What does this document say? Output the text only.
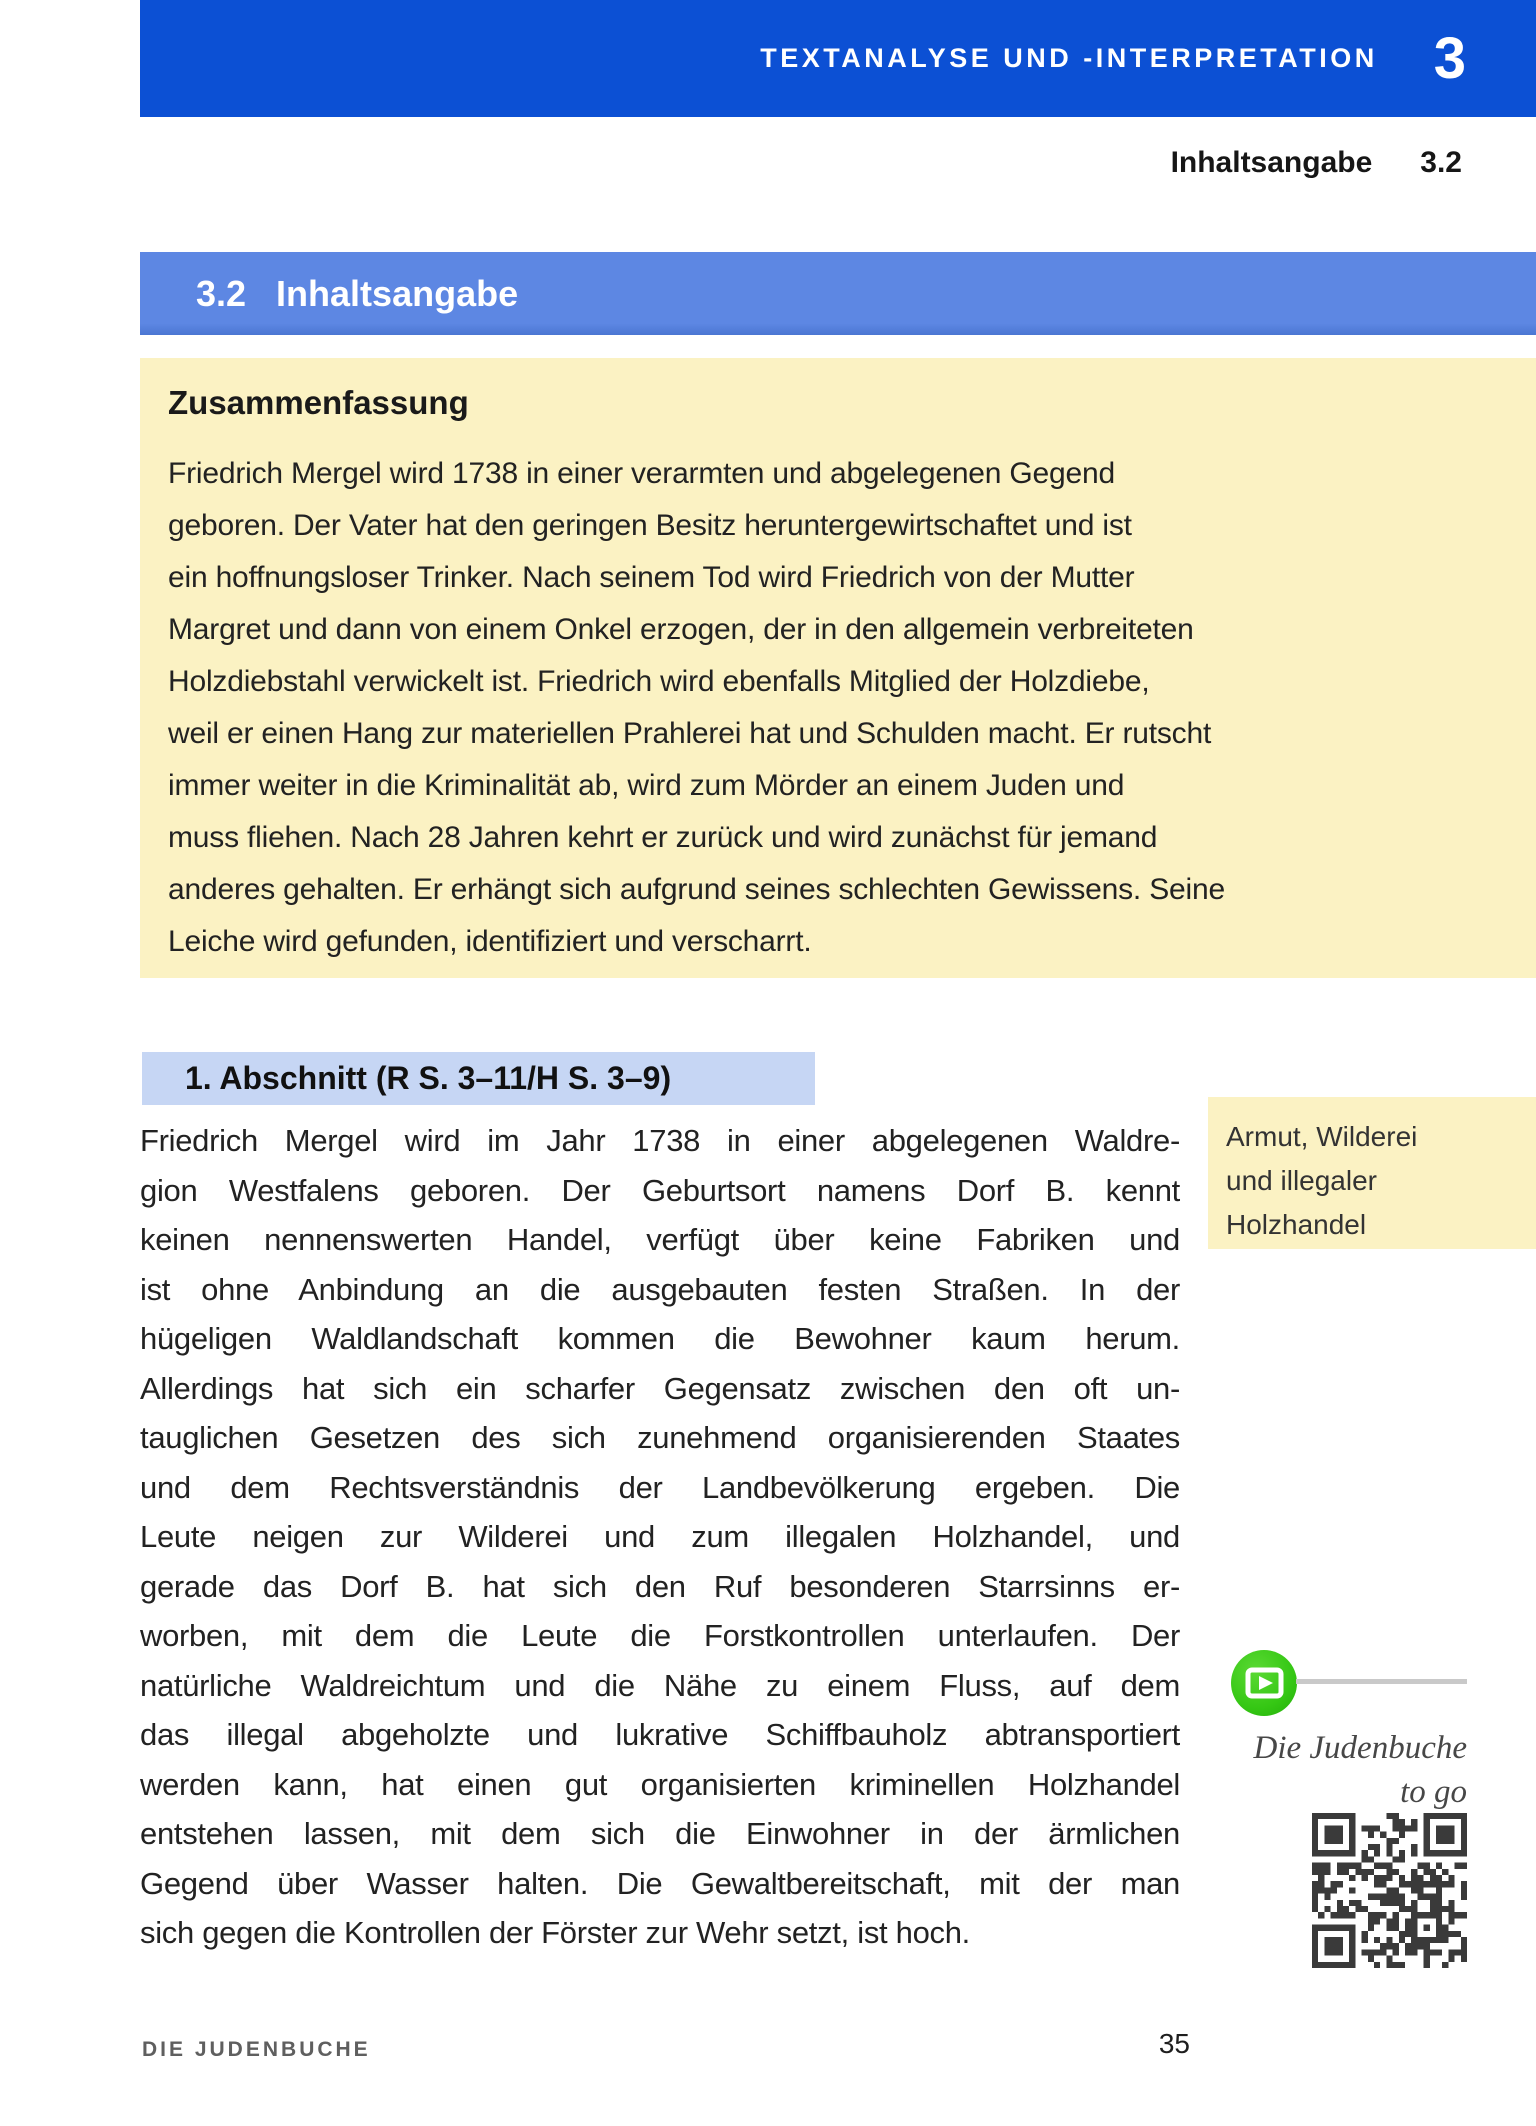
TEXTANALYSE UND -INTERPRETATION 3
Inhaltsangabe 3.2
3.2 Inhaltsangabe

Zusammenfassung

Friedrich Mergel wird 1738 in einer verarmten und abgelegenen Gegend
geboren. Der Vater hat den geringen Besitz heruntergewirtschaftet und ist
ein hoffnungsloser Trinker. Nach seinem Tod wird Friedrich von der Mutter
Margret und dann von einem Onkel erzogen, der in den allgemein verbreiteten
Holzdiebstahl verwickelt ist. Friedrich wird ebenfalls Mitglied der Holzdiebe,
weil er einen Hang zur materiellen Prahlerei hat und Schulden macht. Er rutscht
immer weiter in die Kriminalität ab, wird zum Mörder an einem Juden und
muss fliehen. Nach 28 Jahren kehrt er zurück und wird zunächst für jemand
anderes gehalten. Er erhängt sich aufgrund seines schlechten Gewissens. Seine
Leiche wird gefunden, identifiziert und verscharrt.
1. Abschnitt (R S. 3–11/H S. 3–9)
Friedrich Mergel wird im Jahr 1738 in einer abgelegenen Waldre-
gion Westfalens geboren. Der Geburtsort namens Dorf B. kennt
keinen nennenswerten Handel, verfügt über keine Fabriken und
ist ohne Anbindung an die ausgebauten festen Straßen. In der
hügeligen Waldlandschaft kommen die Bewohner kaum herum.
Allerdings hat sich ein scharfer Gegensatz zwischen den oft un-
tauglichen Gesetzen des sich zunehmend organisierenden Staates
und dem Rechtsverständnis der Landbevölkerung ergeben. Die
Leute neigen zur Wilderei und zum illegalen Holzhandel, und
gerade das Dorf B. hat sich den Ruf besonderen Starrsinns er-
worben, mit dem die Leute die Forstkontrollen unterlaufen. Der
natürliche Waldreichtum und die Nähe zu einem Fluss, auf dem
das illegal abgeholzte und lukrative Schiffbauholz abtransportiert
werden kann, hat einen gut organisierten kriminellen Holzhandel
entstehen lassen, mit dem sich die Einwohner in der ärmlichen
Gegend über Wasser halten. Die Gewaltbereitschaft, mit der man
sich gegen die Kontrollen der Förster zur Wehr setzt, ist hoch.
Armut, Wilderei
und illegaler
Holzhandel
Die Judenbuche
to go
DIE JUDENBUCHE	35
